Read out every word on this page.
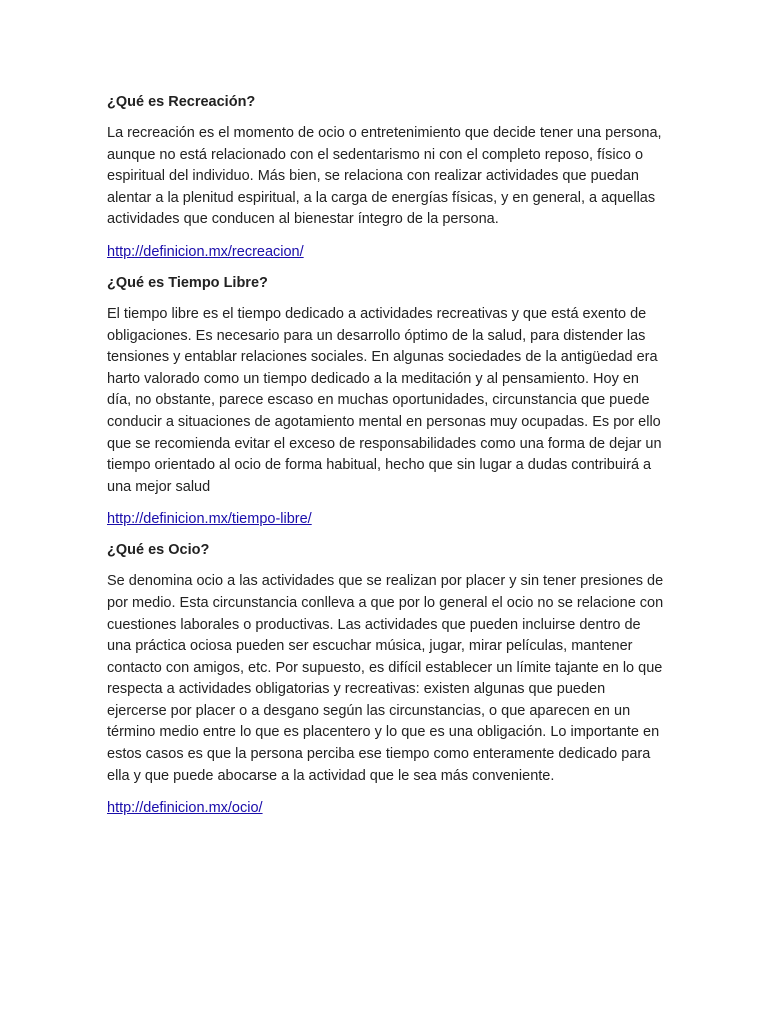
¿Qué es Recreación?
La recreación es el momento de ocio o entretenimiento que decide tener una persona, aunque no está relacionado con el sedentarismo ni con el completo reposo, físico o espiritual del individuo. Más bien, se relaciona con realizar actividades que puedan alentar a la plenitud espiritual, a la carga de energías físicas, y en general, a aquellas actividades que conducen al bienestar íntegro de la persona.
http://definicion.mx/recreacion/
¿Qué es Tiempo Libre?
El tiempo libre es el tiempo dedicado a actividades recreativas y que está exento de obligaciones. Es necesario para un desarrollo óptimo de la salud, para distender las tensiones y entablar relaciones sociales. En algunas sociedades de la antigüedad era harto valorado como un tiempo dedicado a la meditación y al pensamiento. Hoy en día, no obstante, parece escaso en muchas oportunidades, circunstancia que puede conducir a situaciones de agotamiento mental en personas muy ocupadas. Es por ello que se recomienda evitar el exceso de responsabilidades como una forma de dejar un tiempo orientado al ocio de forma habitual, hecho que sin lugar a dudas contribuirá a una mejor salud
http://definicion.mx/tiempo-libre/
¿Qué es Ocio?
Se denomina ocio a las actividades que se realizan por placer y sin tener presiones de por medio. Esta circunstancia conlleva a que por lo general el ocio no se relacione con cuestiones laborales o productivas. Las actividades que pueden incluirse dentro de una práctica ociosa pueden ser escuchar música, jugar, mirar películas, mantener contacto con amigos, etc. Por supuesto, es difícil establecer un límite tajante en lo que respecta a actividades obligatorias y recreativas: existen algunas que pueden ejercerse por placer o a desgano según las circunstancias, o que aparecen en un término medio entre lo que es placentero y lo que es una obligación. Lo importante en estos casos es que la persona perciba ese tiempo como enteramente dedicado para ella y que puede abocarse a la actividad que le sea más conveniente.
http://definicion.mx/ocio/
